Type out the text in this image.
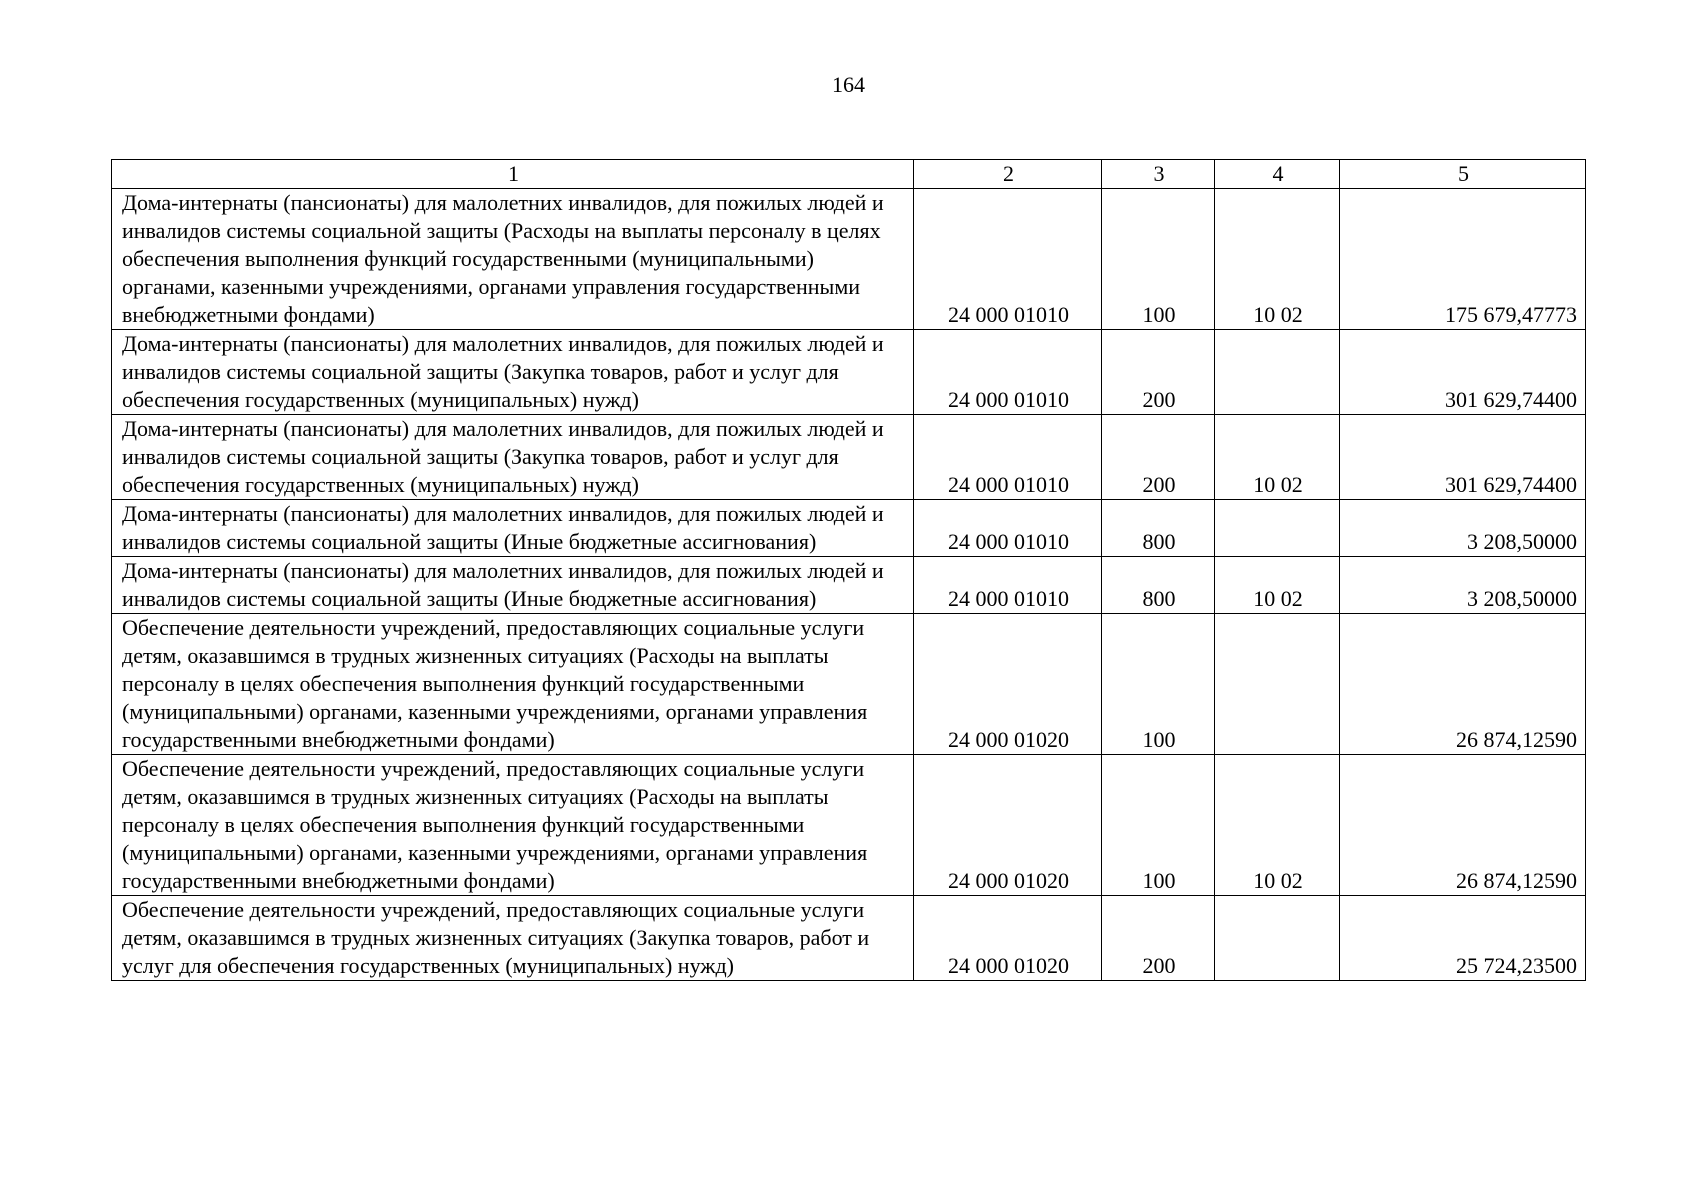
164
1	2	3	4	5
Дома-интернаты (пансионаты) для малолетних инвалидов, для пожилых людей и инвалидов системы социальной защиты (Расходы на выплаты персоналу в целях обеспечения выполнения функций государственными (муниципальными) органами, казенными учреждениями, органами управления государственными внебюджетными фондами)	24 000 01010	100	10 02	175 679,47773
Дома-интернаты (пансионаты) для малолетних инвалидов, для пожилых людей и инвалидов системы социальной защиты (Закупка товаров, работ и услуг для обеспечения государственных (муниципальных) нужд)	24 000 01010	200		301 629,74400
Дома-интернаты (пансионаты) для малолетних инвалидов, для пожилых людей и инвалидов системы социальной защиты (Закупка товаров, работ и услуг для обеспечения государственных (муниципальных) нужд)	24 000 01010	200	10 02	301 629,74400
Дома-интернаты (пансионаты) для малолетних инвалидов, для пожилых людей и инвалидов системы социальной защиты (Иные бюджетные ассигнования)	24 000 01010	800		3 208,50000
Дома-интернаты (пансионаты) для малолетних инвалидов, для пожилых людей и инвалидов системы социальной защиты (Иные бюджетные ассигнования)	24 000 01010	800	10 02	3 208,50000
Обеспечение деятельности учреждений, предоставляющих социальные услуги детям, оказавшимся в трудных жизненных ситуациях (Расходы на выплаты персоналу в целях обеспечения выполнения функций государственными (муниципальными) органами, казенными учреждениями, органами управления государственными внебюджетными фондами)	24 000 01020	100		26 874,12590
Обеспечение деятельности учреждений, предоставляющих социальные услуги детям, оказавшимся в трудных жизненных ситуациях (Расходы на выплаты персоналу в целях обеспечения выполнения функций государственными (муниципальными) органами, казенными учреждениями, органами управления государственными внебюджетными фондами)	24 000 01020	100	10 02	26 874,12590
Обеспечение деятельности учреждений, предоставляющих социальные услуги детям, оказавшимся в трудных жизненных ситуациях (Закупка товаров, работ и услуг для обеспечения государственных (муниципальных) нужд)	24 000 01020	200		25 724,23500
